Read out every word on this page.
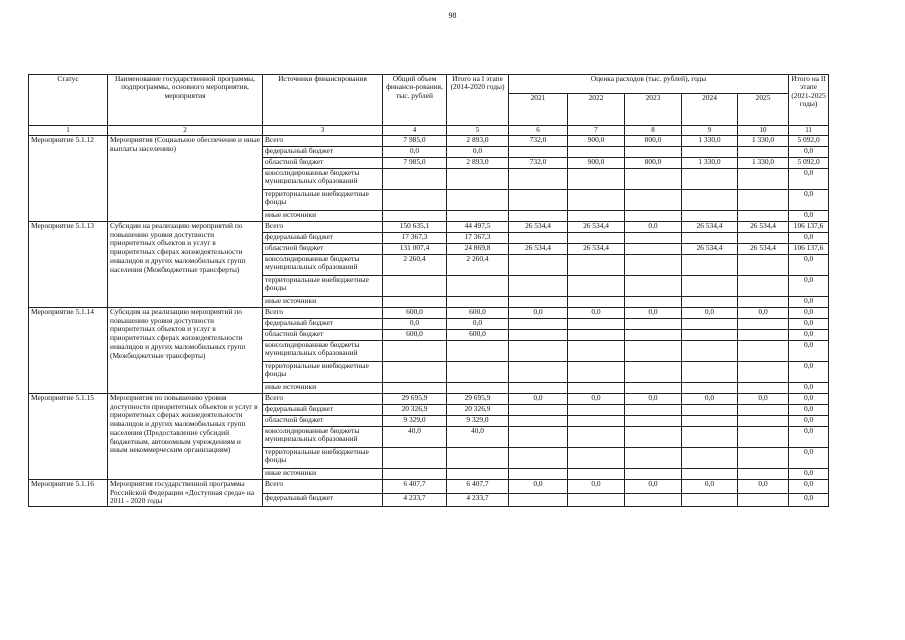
98
Статус	Наименование государственной программы, подпрограммы, основного мероприятия, мероприятия	Источники финансирования	Общий объем финанси-рования, тыс. рублей	Итого на I этапе (2014-2020 годы)	Оценка расходов (тыс. рублей), годы					Итого на II этапе (2021-2025 годы)
					2021	2022	2023	2024	2025	
1	2	3	4	5	6	7	8	9	10	11
Мероприятие 5.1.12	Мероприятия (Социальное обеспечение и иные выплаты населению)	Всего	7 985,0	2 893,0	732,0	900,0	800,0	1 330,0	1 330,0	5 092,0
		федеральный бюджет	0,0	0,0						0,0
		областной бюджет	7 985,0	2 893,0	732,0	900,0	800,0	1 330,0	1 330,0	5 092,0
		консолидированные бюджеты муниципальных образований								0,0
		территориальные внебюджетные фонды								0,0
		иные источники								0,0
Мероприятие 5.1.13	Субсидии на реализацию мероприятий по повышению уровня доступности приоритетных объектов и услуг в приоритетных сферах жизнедеятельности инвалидов и других маломобильных групп населения (Межбюджетные трансферты)	Всего	150 635,1	44 497,5	26 534,4	26 534,4	0,0	26 534,4	26 534,4	106 137,6
		федеральный бюджет	17 367,3	17 367,3						0,0
		областной бюджет	131 007,4	24 869,8	26 534,4	26 534,4		26 534,4	26 534,4	106 137,6
		консолидированные бюджеты муниципальных образований	2 260,4	2 260,4						0,0
		территориальные внебюджетные фонды								0,0
		иные источники								0,0
Мероприятие 5.1.14	Субсидия на реализацию мероприятий по повышению уровня доступности приоритетных объектов и услуг в приоритетных сферах жизнедеятельности инвалидов и других маломобильных групп (Межбюджетные трансферты)	Всего	600,0	600,0	0,0	0,0	0,0	0,0	0,0	0,0
		федеральный бюджет	0,0	0,0						0,0
		областной бюджет	600,0	600,0						0,0
		консолидированные бюджеты муниципальных образований								0,0
		территориальные внебюджетные фонды								0,0
		иные источники								0,0
Мероприятие 5.1.15	Мероприятия по повышению уровня доступности приоритетных объектов и услуг в приоритетных сферах жизнедеятельности инвалидов и других маломобильных групп населения (Предоставление субсидий бюджетным, автономным учреждениям и иным некоммерческим организациям)	Всего	29 695,9	29 695,9	0,0	0,0	0,0	0,0	0,0	0,0
		федеральный бюджет	20 326,9	20 326,9						0,0
		областной бюджет	9 329,0	9 329,0						0,0
		консолидированные бюджеты муниципальных образований	40,0	40,0						0,0
		территориальные внебюджетные фонды								0,0
		иные источники								0,0
Мероприятие 5.1.16	Мероприятия государственной программы Российской Федерации «Доступная среда» на 2011 - 2020 годы	Всего	6 407,7	6 407,7	0,0	0,0	0,0	0,0	0,0	0,0
		федеральный бюджет	4 233,7	4 233,7						0,0
